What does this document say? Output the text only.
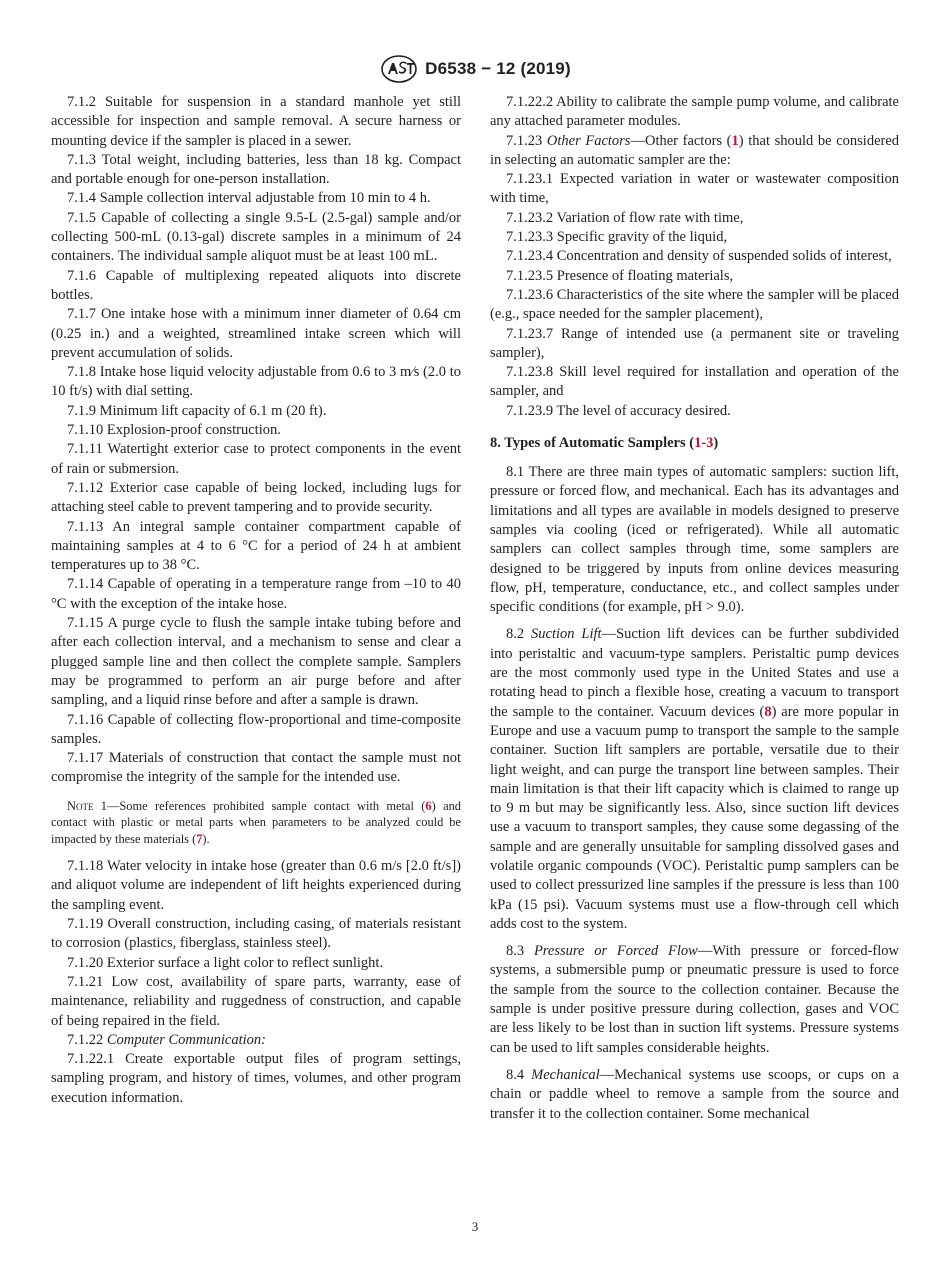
D6538 − 12 (2019)

7.1.2 Suitable for suspension in a standard manhole yet still accessible for inspection and sample removal. A secure harness or mounting device if the sampler is placed in a sewer.

7.1.3 Total weight, including batteries, less than 18 kg. Compact and portable enough for one-person installation.

7.1.4 Sample collection interval adjustable from 10 min to 4 h.

7.1.5 Capable of collecting a single 9.5-L (2.5-gal) sample and/or collecting 500-mL (0.13-gal) discrete samples in a minimum of 24 containers. The individual sample aliquot must be at least 100 mL.

7.1.6 Capable of multiplexing repeated aliquots into discrete bottles.

7.1.7 One intake hose with a minimum inner diameter of 0.64 cm (0.25 in.) and a weighted, streamlined intake screen which will prevent accumulation of solids.

7.1.8 Intake hose liquid velocity adjustable from 0.6 to 3 m⁄s (2.0 to 10 ft/s) with dial setting.

7.1.9 Minimum lift capacity of 6.1 m (20 ft).

7.1.10 Explosion-proof construction.

7.1.11 Watertight exterior case to protect components in the event of rain or submersion.

7.1.12 Exterior case capable of being locked, including lugs for attaching steel cable to prevent tampering and to provide security.

7.1.13 An integral sample container compartment capable of maintaining samples at 4 to 6 °C for a period of 24 h at ambient temperatures up to 38 °C.

7.1.14 Capable of operating in a temperature range from –10 to 40 °C with the exception of the intake hose.

7.1.15 A purge cycle to flush the sample intake tubing before and after each collection interval, and a mechanism to sense and clear a plugged sample line and then collect the complete sample. Samplers may be programmed to perform an air purge before and after sampling, and a liquid rinse before and after a sample is drawn.

7.1.16 Capable of collecting flow-proportional and time-composite samples.

7.1.17 Materials of construction that contact the sample must not compromise the integrity of the sample for the intended use.

Note 1—Some references prohibited sample contact with metal (6) and contact with plastic or metal parts when parameters to be analyzed could be impacted by these materials (7).

7.1.18 Water velocity in intake hose (greater than 0.6 m/s [2.0 ft/s]) and aliquot volume are independent of lift heights experienced during the sampling event.

7.1.19 Overall construction, including casing, of materials resistant to corrosion (plastics, fiberglass, stainless steel).

7.1.20 Exterior surface a light color to reflect sunlight.

7.1.21 Low cost, availability of spare parts, warranty, ease of maintenance, reliability and ruggedness of construction, and capable of being repaired in the field.

7.1.22 Computer Communication:

7.1.22.1 Create exportable output files of program settings, sampling program, and history of times, volumes, and other program execution information.

7.1.22.2 Ability to calibrate the sample pump volume, and calibrate any attached parameter modules.

7.1.23 Other Factors—Other factors (1) that should be considered in selecting an automatic sampler are the:

7.1.23.1 Expected variation in water or wastewater composition with time,

7.1.23.2 Variation of flow rate with time,

7.1.23.3 Specific gravity of the liquid,

7.1.23.4 Concentration and density of suspended solids of interest,

7.1.23.5 Presence of floating materials,

7.1.23.6 Characteristics of the site where the sampler will be placed (e.g., space needed for the sampler placement),

7.1.23.7 Range of intended use (a permanent site or traveling sampler),

7.1.23.8 Skill level required for installation and operation of the sampler, and

7.1.23.9 The level of accuracy desired.

8. Types of Automatic Samplers (1-3)

8.1 There are three main types of automatic samplers: suction lift, pressure or forced flow, and mechanical. Each has its advantages and limitations and all types are available in models designed to preserve samples via cooling (iced or refrigerated). While all automatic samplers can collect samples through time, some samplers are designed to be triggered by inputs from online devices measuring flow, pH, temperature, conductance, etc., and collect samples under specific conditions (for example, pH > 9.0).

8.2 Suction Lift—Suction lift devices can be further subdivided into peristaltic and vacuum-type samplers. Peristaltic pump devices are the most commonly used type in the United States and use a rotating head to pinch a flexible hose, creating a vacuum to transport the sample to the container. Vacuum devices (8) are more popular in Europe and use a vacuum pump to transport the sample to the sample container. Suction lift samplers are portable, versatile due to their light weight, and can purge the transport line between samples. Their main limitation is that their lift capacity which is claimed to range up to 9 m but may be significantly less. Also, since suction lift devices use a vacuum to transport samples, they cause some degassing of the sample and are generally unsuitable for sampling dissolved gases and volatile organic compounds (VOC). Peristaltic pump samplers can be used to collect pressurized line samples if the pressure is less than 100 kPa (15 psi). Vacuum systems must use a flow-through cell which adds cost to the system.

8.3 Pressure or Forced Flow—With pressure or forced-flow systems, a submersible pump or pneumatic pressure is used to force the sample from the source to the collection container. Because the sample is under positive pressure during collection, gases and VOC are less likely to be lost than in suction lift systems. Pressure systems can be used to lift samples considerable heights.

8.4 Mechanical—Mechanical systems use scoops, or cups on a chain or paddle wheel to remove a sample from the source and transfer it to the collection container. Some mechanical

3
